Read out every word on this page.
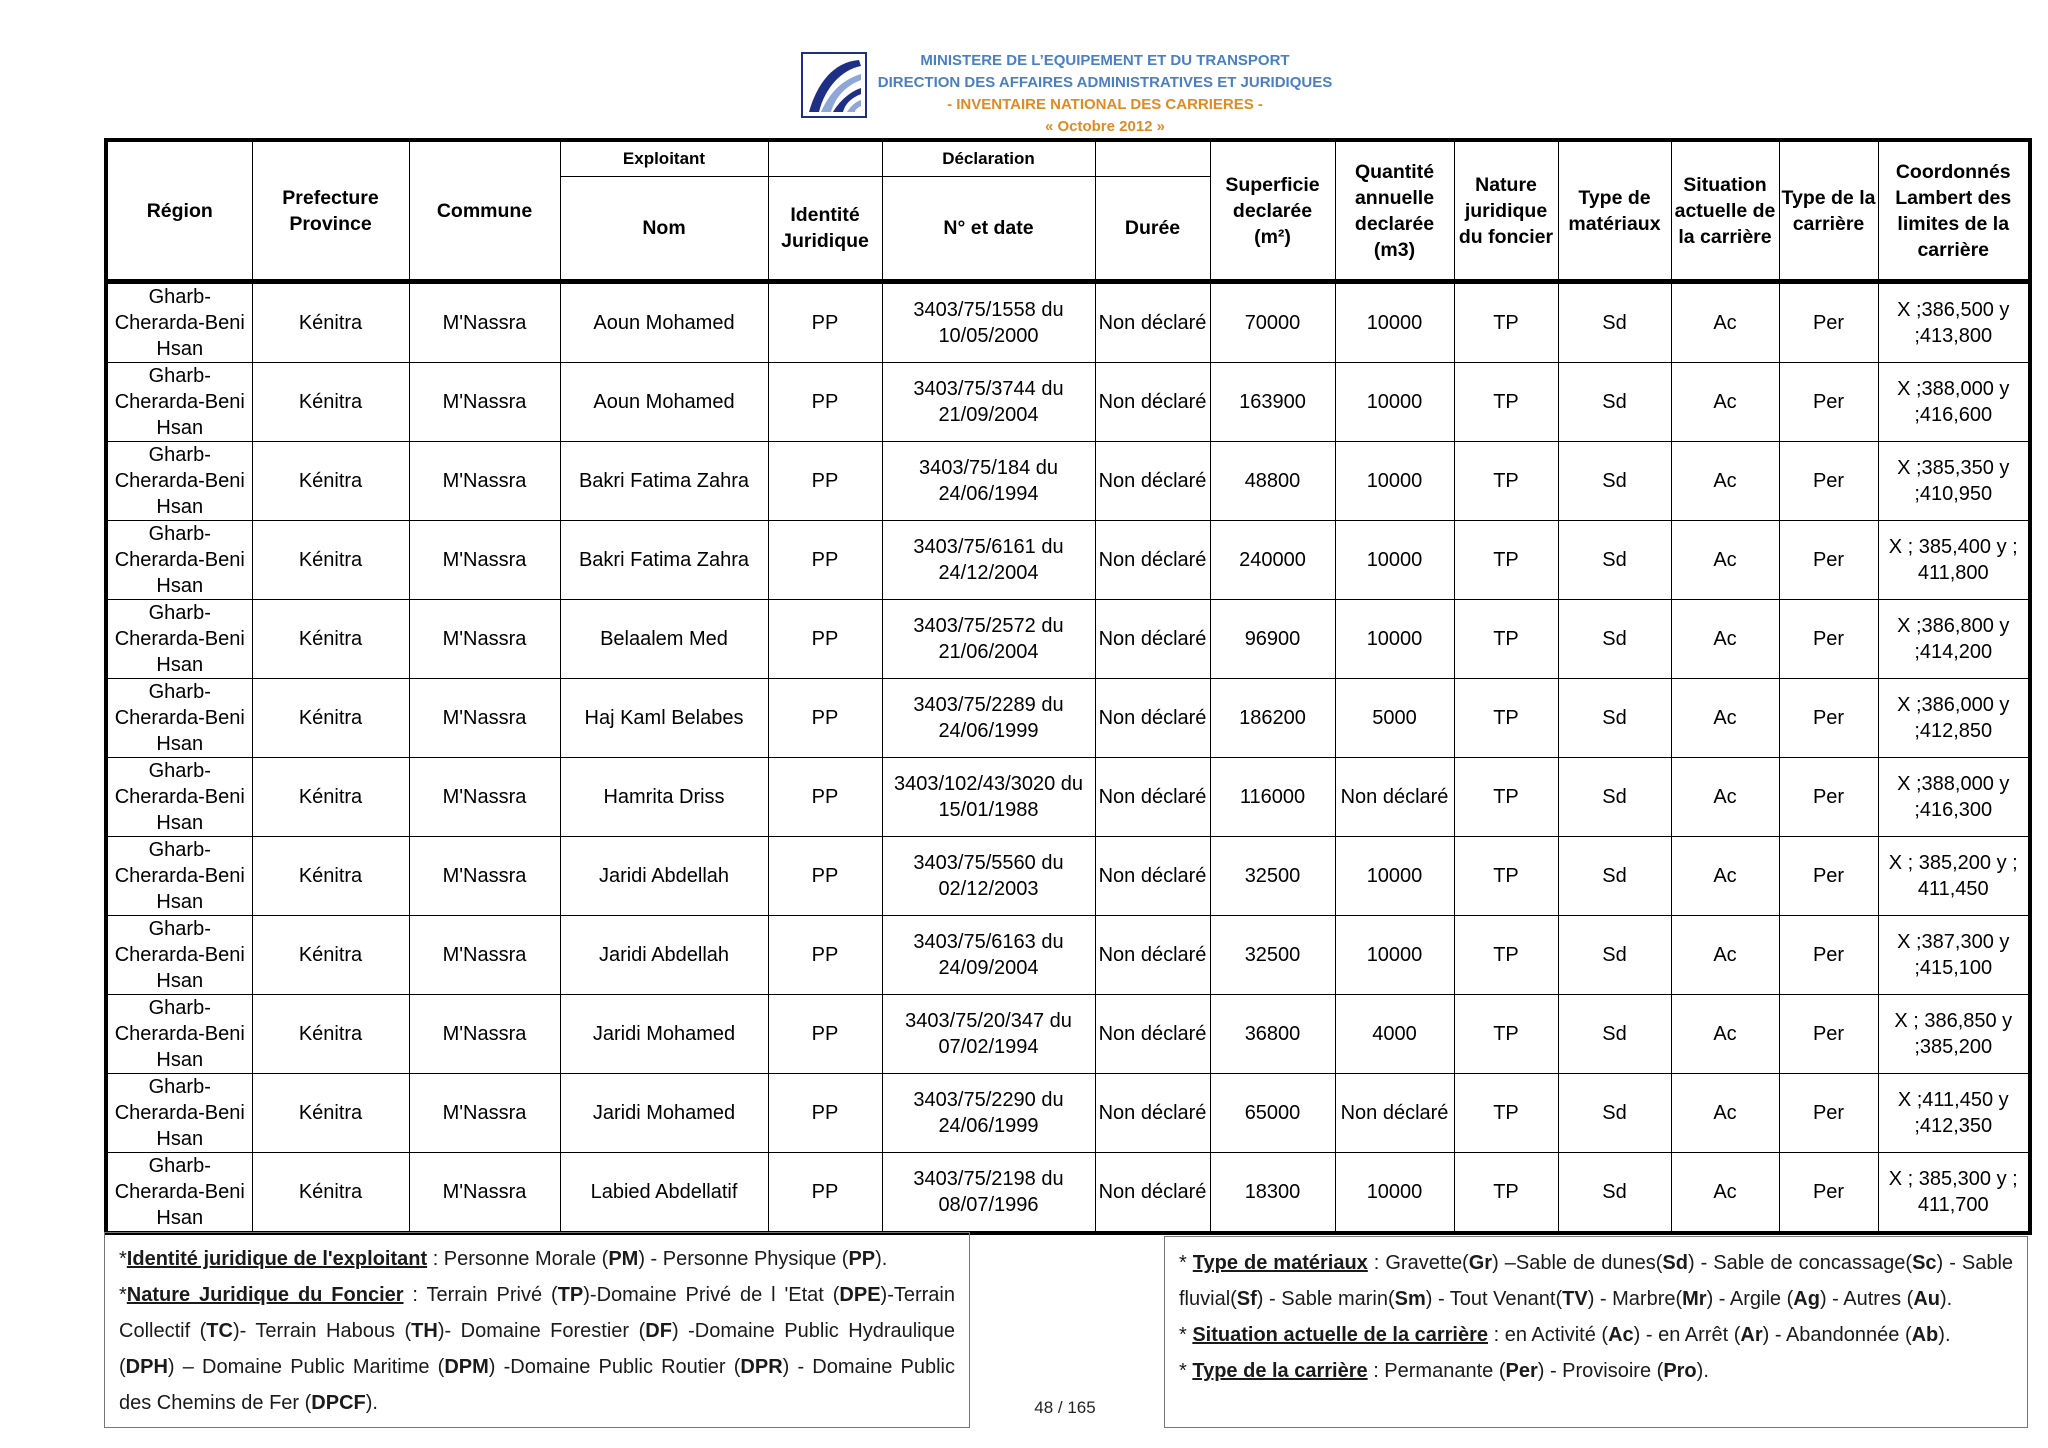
MINISTERE DE L’EQUIPEMENT ET DU TRANSPORT
DIRECTION DES AFFAIRES ADMINISTRATIVES ET JURIDIQUES
- INVENTAIRE NATIONAL DES CARRIERES -
« Octobre 2012 »
Région	Prefecture Province	Commune	Exploitant		Déclaration		Superficie declarée (m²)	Quantité annuelle declarée (m3)	Nature juridique du foncier	Type de matériaux	Situation actuelle de la carrière	Type de la carrière	Coordonnés Lambert des limites de la carrière
			Nom	Identité Juridique	N° et date	Durée							
Gharb-Cherarda-Beni Hsan	Kénitra	M'Nassra	Aoun Mohamed	PP	3403/75/1558 du 10/05/2000	Non déclaré	70000	10000	TP	Sd	Ac	Per	X ;386,500 y ;413,800
Gharb-Cherarda-Beni Hsan	Kénitra	M'Nassra	Aoun Mohamed	PP	3403/75/3744 du 21/09/2004	Non déclaré	163900	10000	TP	Sd	Ac	Per	X ;388,000 y ;416,600
Gharb-Cherarda-Beni Hsan	Kénitra	M'Nassra	Bakri Fatima Zahra	PP	3403/75/184 du 24/06/1994	Non déclaré	48800	10000	TP	Sd	Ac	Per	X ;385,350 y ;410,950
Gharb-Cherarda-Beni Hsan	Kénitra	M'Nassra	Bakri Fatima Zahra	PP	3403/75/6161 du 24/12/2004	Non déclaré	240000	10000	TP	Sd	Ac	Per	X ; 385,400 y ; 411,800
Gharb-Cherarda-Beni Hsan	Kénitra	M'Nassra	Belaalem Med	PP	3403/75/2572 du 21/06/2004	Non déclaré	96900	10000	TP	Sd	Ac	Per	X ;386,800 y ;414,200
Gharb-Cherarda-Beni Hsan	Kénitra	M'Nassra	Haj Kaml Belabes	PP	3403/75/2289 du 24/06/1999	Non déclaré	186200	5000	TP	Sd	Ac	Per	X ;386,000 y ;412,850
Gharb-Cherarda-Beni Hsan	Kénitra	M'Nassra	Hamrita Driss	PP	3403/102/43/3020 du 15/01/1988	Non déclaré	116000	Non déclaré	TP	Sd	Ac	Per	X ;388,000 y ;416,300
Gharb-Cherarda-Beni Hsan	Kénitra	M'Nassra	Jaridi Abdellah	PP	3403/75/5560 du 02/12/2003	Non déclaré	32500	10000	TP	Sd	Ac	Per	X ; 385,200 y ; 411,450
Gharb-Cherarda-Beni Hsan	Kénitra	M'Nassra	Jaridi Abdellah	PP	3403/75/6163 du 24/09/2004	Non déclaré	32500	10000	TP	Sd	Ac	Per	X ;387,300 y ;415,100
Gharb-Cherarda-Beni Hsan	Kénitra	M'Nassra	Jaridi Mohamed	PP	3403/75/20/347 du 07/02/1994	Non déclaré	36800	4000	TP	Sd	Ac	Per	X ; 386,850 y ;385,200
Gharb-Cherarda-Beni Hsan	Kénitra	M'Nassra	Jaridi Mohamed	PP	3403/75/2290 du 24/06/1999	Non déclaré	65000	Non déclaré	TP	Sd	Ac	Per	X ;411,450 y ;412,350
Gharb-Cherarda-Beni Hsan	Kénitra	M'Nassra	Labied Abdellatif	PP	3403/75/2198 du 08/07/1996	Non déclaré	18300	10000	TP	Sd	Ac	Per	X ; 385,300 y ; 411,700

*Identité juridique de l'exploitant : Personne Morale (PM) - Personne Physique (PP).

*Nature Juridique du Foncier : Terrain Privé (TP)-Domaine Privé de l 'Etat (DPE)-Terrain Collectif (TC)- Terrain Habous (TH)- Domaine Forestier (DF) -Domaine Public Hydraulique (DPH) – Domaine Public Maritime (DPM) -Domaine Public Routier (DPR) - Domaine Public des Chemins de Fer (DPCF).

* Type de matériaux : Gravette(Gr) –Sable de dunes(Sd) - Sable de concassage(Sc) - Sable fluvial(Sf) - Sable marin(Sm) - Tout Venant(TV) - Marbre(Mr) - Argile (Ag) - Autres (Au).

* Situation actuelle de la carrière : en Activité (Ac) - en Arrêt (Ar) - Abandonnée (Ab).

* Type de la carrière : Permanante (Per) - Provisoire (Pro).

48 / 165
